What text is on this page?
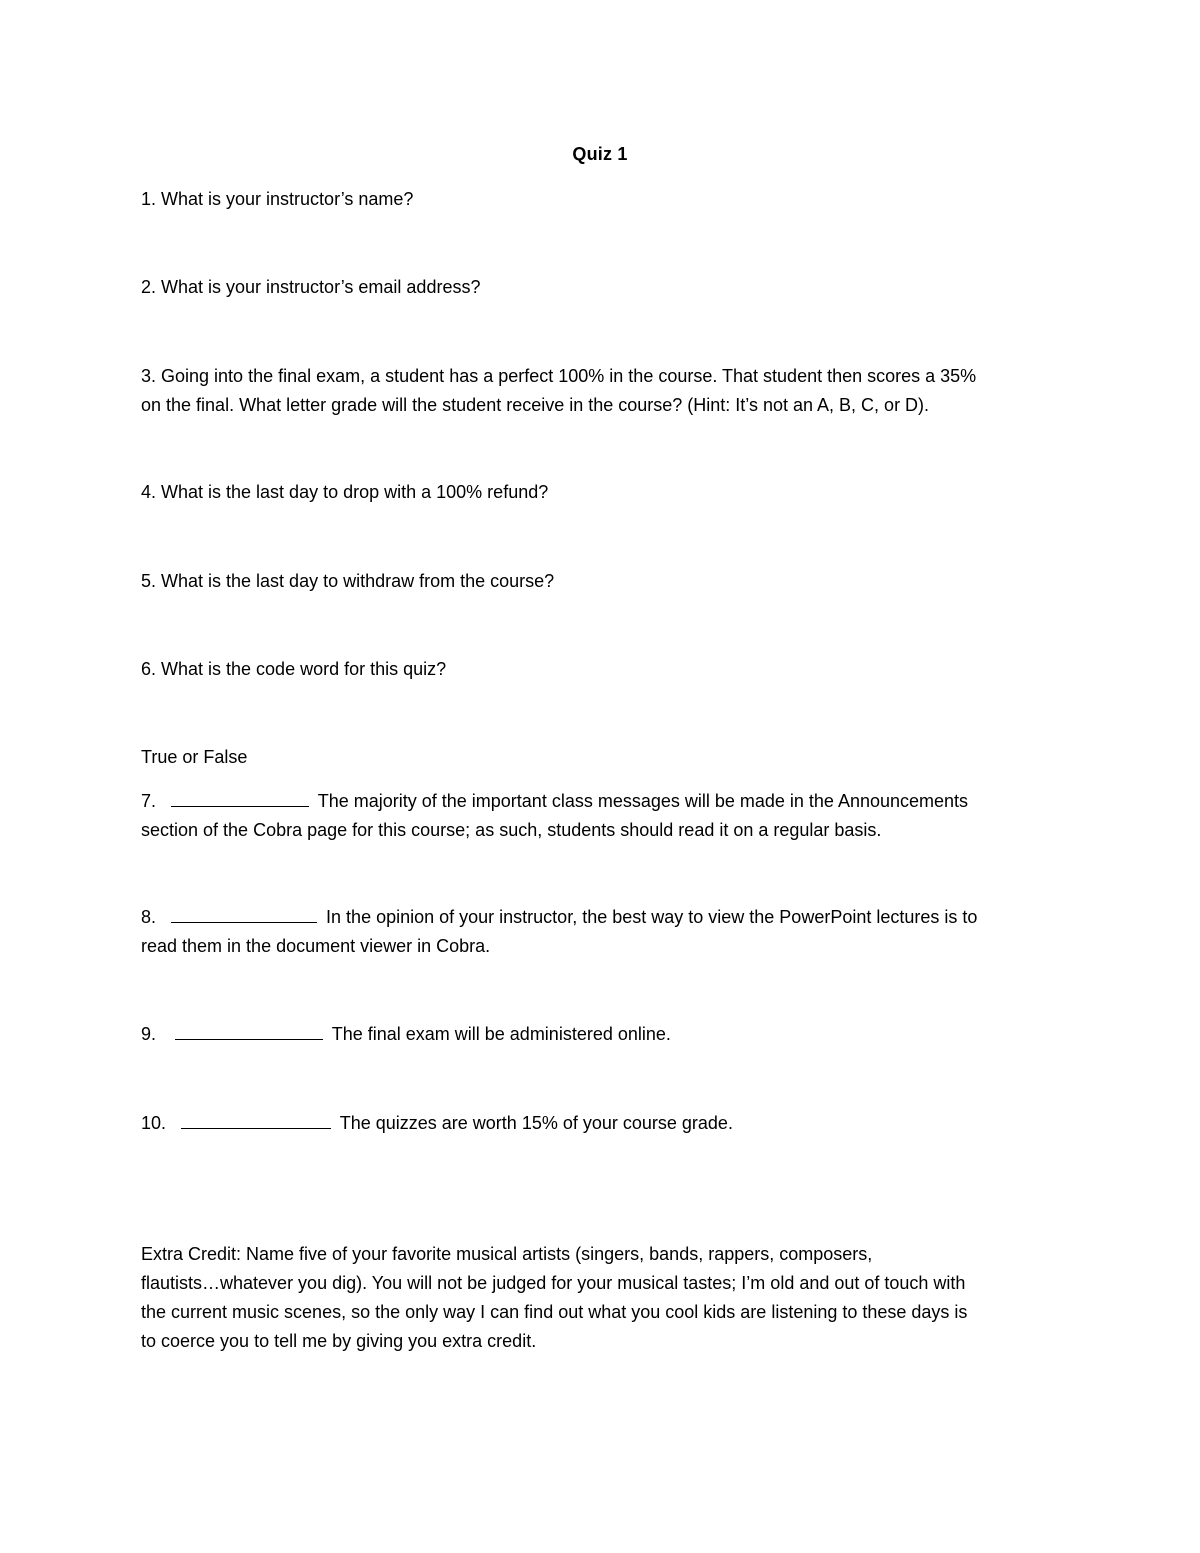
Quiz 1
1. What is your instructor’s name?
2. What is your instructor’s email address?
3. Going into the final exam, a student has a perfect 100% in the course. That student then scores a 35%
on the final. What letter grade will the student receive in the course? (Hint: It’s not an A, B, C, or D).
4. What is the last day to drop with a 100% refund?
5. What is the last day to withdraw from the course?
6. What is the code word for this quiz?
True or False
7.	The majority of the important class messages will be made in the Announcements
section of the Cobra page for this course; as such, students should read it on a regular basis.
8.	In the opinion of your instructor, the best way to view the PowerPoint lectures is to
read them in the document viewer in Cobra.
9.	The final exam will be administered online.
10.	The quizzes are worth 15% of your course grade.
Extra Credit: Name five of your favorite musical artists (singers, bands, rappers, composers,
flautists…whatever you dig). You will not be judged for your musical tastes; I’m old and out of touch with
the current music scenes, so the only way I can find out what you cool kids are listening to these days is
to coerce you to tell me by giving you extra credit.
